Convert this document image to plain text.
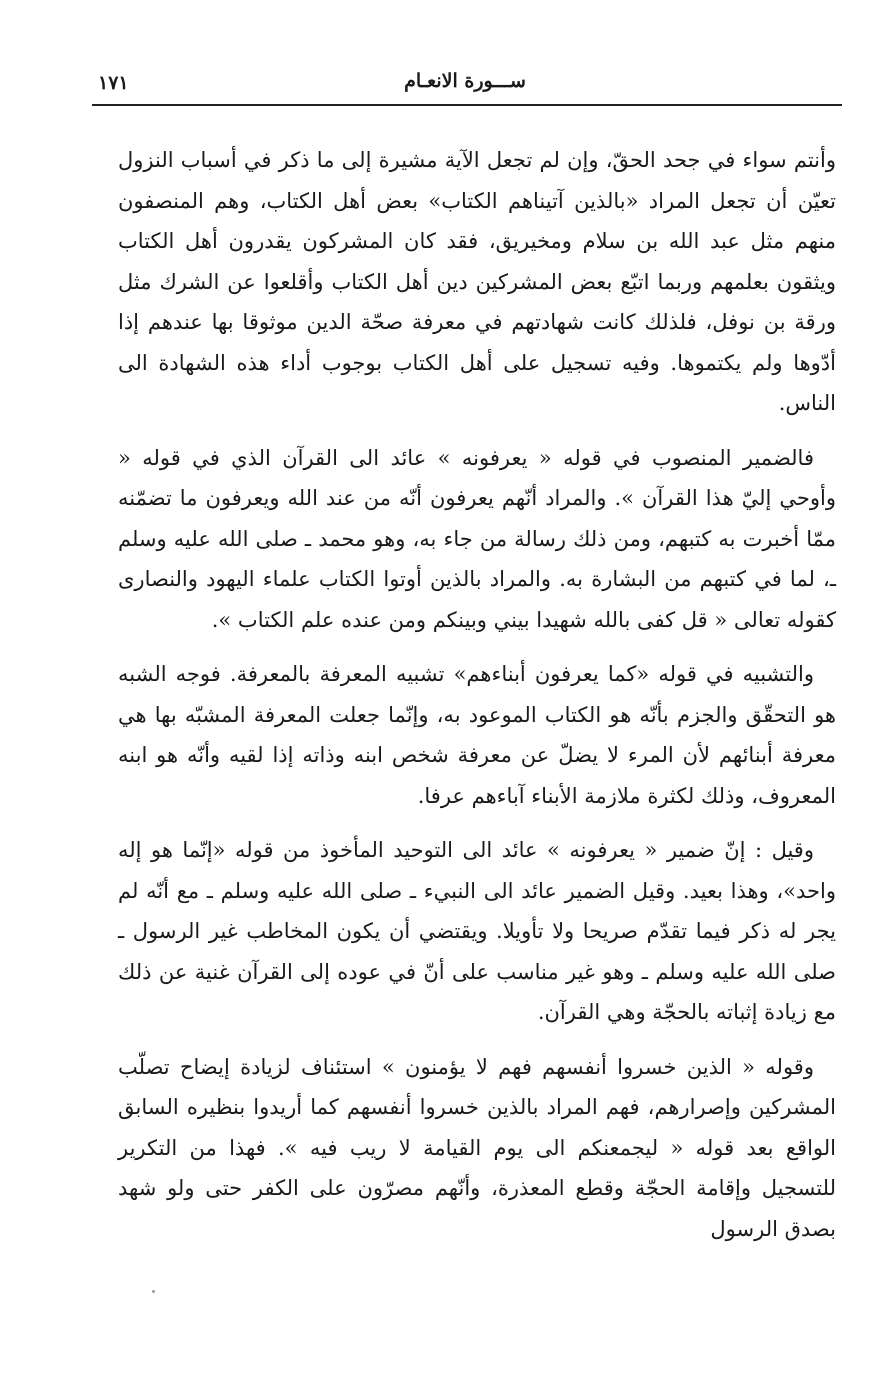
١٧١	ســـورة الانعـام

وأنتم سواء في جحد الحقّ، وإن لم تجعل الآية مشيرة إلى ما ذكر في أسباب النزول تعيّن أن تجعل المراد «بالذين آتيناهم الكتاب» بعض أهل الكتاب، وهم المنصفون منهم مثل عبد الله بن سلام ومخيريق، فقد كان المشركون يقدرون أهل الكتاب ويثقون بعلمهم وربما اتبّع بعض المشركين دين أهل الكتاب وأقلعوا عن الشرك مثل ورقة بن نوفل، فلذلك كانت شهادتهم في معرفة صحّة الدين موثوقا بها عندهم إذا أدّوها ولم يكتموها. وفيه تسجيل على أهل الكتاب بوجوب أداء هذه الشهادة الى الناس.

فالضمير المنصوب في قوله « يعرفونه » عائد الى القرآن الذي في قوله « وأوحي إليّ هذا القرآن ». والمراد أنّهم يعرفون أنّه من عند الله ويعرفون ما تضمّنه ممّا أخبرت به كتبهم، ومن ذلك رسالة من جاء به، وهو محمد ـ صلى الله عليه وسلم ـ، لما في كتبهم من البشارة به. والمراد بالذين أوتوا الكتاب علماء اليهود والنصارى كقوله تعالى « قل كفى بالله شهيدا بيني وبينكم ومن عنده علم الكتاب ».

والتشبيه في قوله «كما يعرفون أبناءهم» تشبيه المعرفة بالمعرفة. فوجه الشبه هو التحقّق والجزم بأنّه هو الكتاب الموعود به، وإنّما جعلت المعرفة المشبّه بها هي معرفة أبنائهم لأن المرء لا يضلّ عن معرفة شخص ابنه وذاته إذا لقيه وأنّه هو ابنه المعروف، وذلك لكثرة ملازمة الأبناء آباءهم عرفا.

وقيل : إنّ ضمير « يعرفونه » عائد الى التوحيد المأخوذ من قوله «إنّما هو إله واحد»، وهذا بعيد. وقيل الضمير عائد الى النبيء ـ صلى الله عليه وسلم ـ مع أنّه لم يجر له ذكر فيما تقدّم صريحا ولا تأويلا. ويقتضي أن يكون المخاطب غير الرسول ـ صلى الله عليه وسلم ـ وهو غير مناسب على أنّ في عوده إلى القرآن غنية عن ذلك مع زيادة إثباته بالحجّة وهي القرآن.

وقوله « الذين خسروا أنفسهم فهم لا يؤمنون » استئناف لزيادة إيضاح تصلّب المشركين وإصرارهم، فهم المراد بالذين خسروا أنفسهم كما أريدوا بنظيره السابق الواقع بعد قوله « ليجمعنكم الى يوم القيامة لا ريب فيه ». فهذا من التكرير للتسجيل وإقامة الحجّة وقطع المعذرة، وأنّهم مصرّون على الكفر حتى ولو شهد بصدق الرسول
